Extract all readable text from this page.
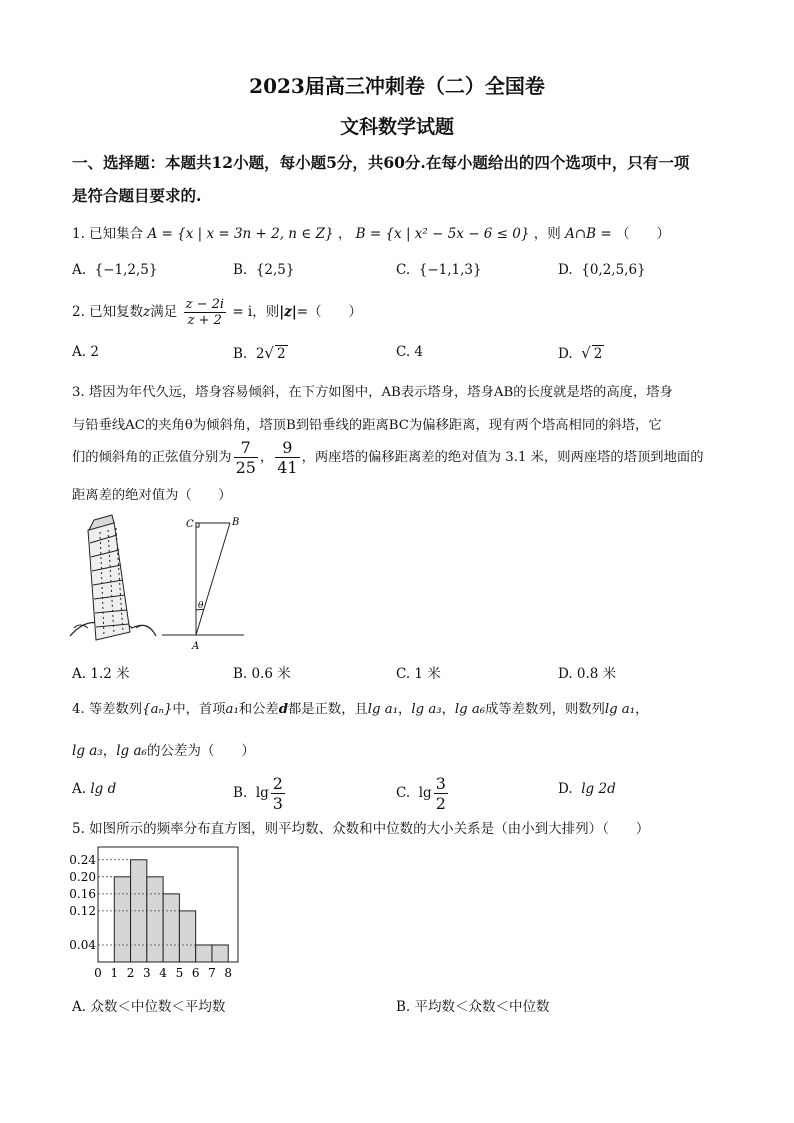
2023届高三冲刺卷（二）全国卷
文科数学试题
一、选择题：本题共12小题，每小题5分，共60分.在每小题给出的四个选项中，只有一项
是符合题目要求的.
1. 已知集合 A = {x | x = 3n + 2, n ∈ Z} ， B = {x | x² − 5x − 6 ≤ 0} ，则 A∩B = （　　）
A. {−1,2,5}	B. {2,5}	C. {−1,1,3}	D. {0,2,5,6}
2. 已知复数z满足 $\frac{z - 2i}{z + 2} = i$，则|z|=（　　）
A. 2	B. 2√ 2	C. 4	D. √ 2
3. 塔因为年代久远，塔身容易倾斜，在下方如图中，AB表示塔身，塔身AB的长度就是塔的高度，塔身
与铅垂线AC的夹角θ为倾斜角，塔顶B到铅垂线的距离BC为偏移距离，现有两个塔高相同的斜塔，它
们的倾斜角的正弦值分别为 $\frac{7}{25}$ ， $\frac{9}{41}$ ，两座塔的偏移距离差的绝对值为 3.1 米，则两座塔的塔顶到地面的
距离差的绝对值为（　　）
C	B
A
θ
A. 1.2 米	B. 0.6 米	C. 1 米	D. 0.8 米
4. 等差数列{aₙ}中，首项a₁和公差d都是正数，且lg a₁，lg a₃，lg a₆成等差数列，则数列lg a₁，
lg a₃，lg a₆的公差为（　　）
A. lg d	B. $\lg \frac{2}{3}$	C. $\lg \frac{3}{2}$	D. lg 2d
5. 如图所示的频率分布直方图，则平均数、众数和中位数的大小关系是（由小到大排列）（　　）
0.04
0.12
0.16
0.20
0.24
0 1 2 3 4 5 6 7 8
A. 众数＜中位数＜平均数	B. 平均数＜众数＜中位数
